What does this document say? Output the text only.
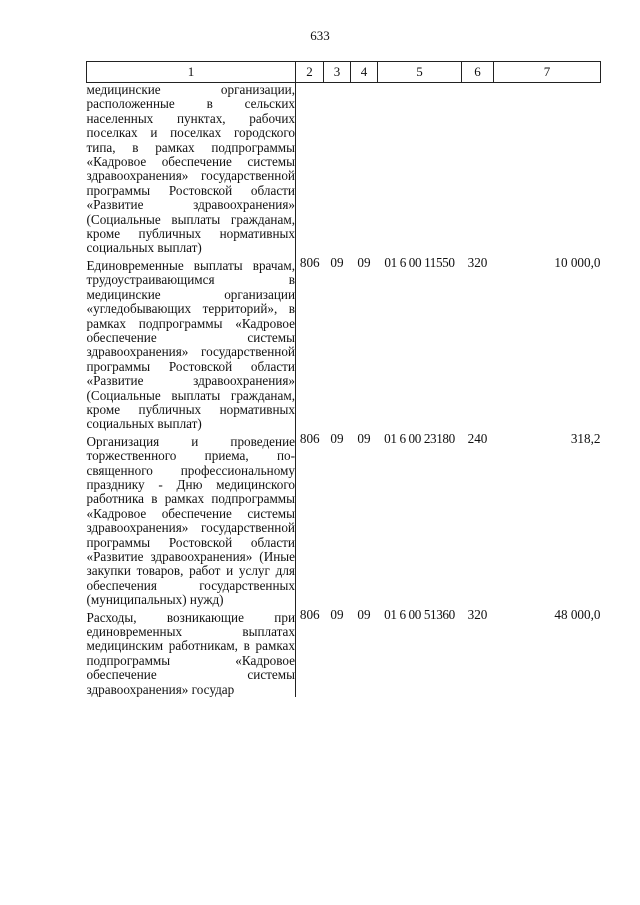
633
1	2	3	4	5	6	7
медицинские организации, расположенные в сельских населенных пунктах, рабочих поселках и поселках городского типа, в рамках подпрограммы «Кадровое обеспечение системы здравоохранения» государственной программы Ростовской области «Развитие здравоохранения» (Социальные выплаты гражданам, кроме публичных нормативных социальных выплат)						
Единовременные выплаты врачам, трудоустраивающимся в медицинские организации «угледобывающих территорий», в рамках подпрограммы «Кадровое обеспечение системы здравоохранения» государственной программы Ростовской области «Развитие здравоохранения» (Социальные выплаты гражданам, кроме публичных нормативных социальных выплат)	806	09	09	01 6 00 11550	320	10 000,0
Организация и проведение торжественного приема, посвященного профессиональному празднику - Дню медицинского работника в рамках подпрограммы «Кадровое обеспечение системы здравоохранения» государственной программы Ростовской области «Развитие здравоохранения» (Иные закупки товаров, работ и услуг для обеспечения государственных (муниципальных) нужд)	806	09	09	01 6 00 23180	240	318,2
Расходы, возникающие при единовременных выплатах медицинским работникам, в рамках подпрограммы «Кадровое обеспечение системы здравоохранения» государ	806	09	09	01 6 00 51360	320	48 000,0
